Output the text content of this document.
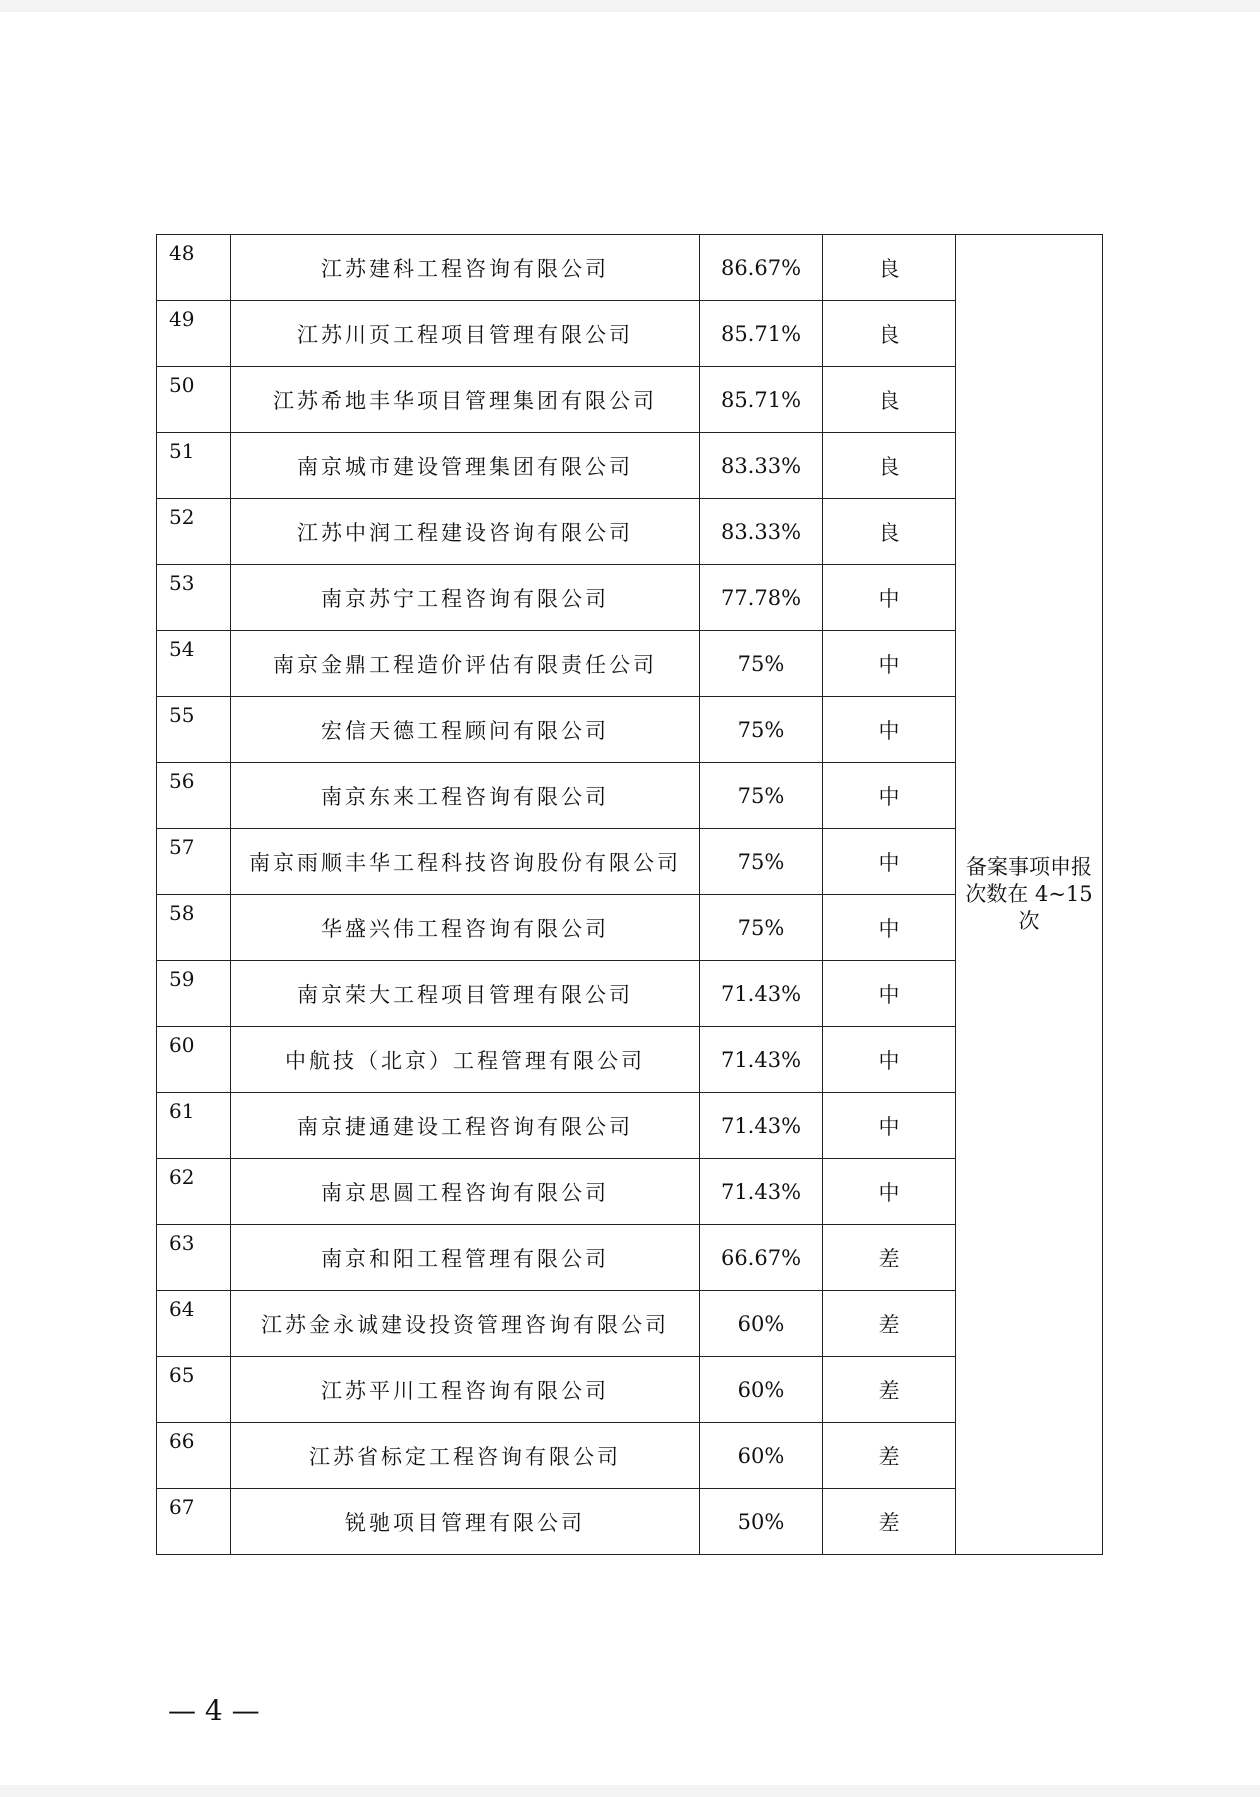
48	江苏建科工程咨询有限公司	86.67%	良	备案事项申报次数在 4~15 次
49	江苏川页工程项目管理有限公司	85.71%	良	
50	江苏希地丰华项目管理集团有限公司	85.71%	良	
51	南京城市建设管理集团有限公司	83.33%	良	
52	江苏中润工程建设咨询有限公司	83.33%	良	
53	南京苏宁工程咨询有限公司	77.78%	中	
54	南京金鼎工程造价评估有限责任公司	75%	中	
55	宏信天德工程顾问有限公司	75%	中	
56	南京东来工程咨询有限公司	75%	中	
57	南京雨顺丰华工程科技咨询股份有限公司	75%	中	
58	华盛兴伟工程咨询有限公司	75%	中	
59	南京荣大工程项目管理有限公司	71.43%	中	
60	中航技（北京）工程管理有限公司	71.43%	中	
61	南京捷通建设工程咨询有限公司	71.43%	中	
62	南京思圆工程咨询有限公司	71.43%	中	
63	南京和阳工程管理有限公司	66.67%	差	
64	江苏金永诚建设投资管理咨询有限公司	60%	差	
65	江苏平川工程咨询有限公司	60%	差	
66	江苏省标定工程咨询有限公司	60%	差	
67	锐驰项目管理有限公司	50%	差	
— 4 —
